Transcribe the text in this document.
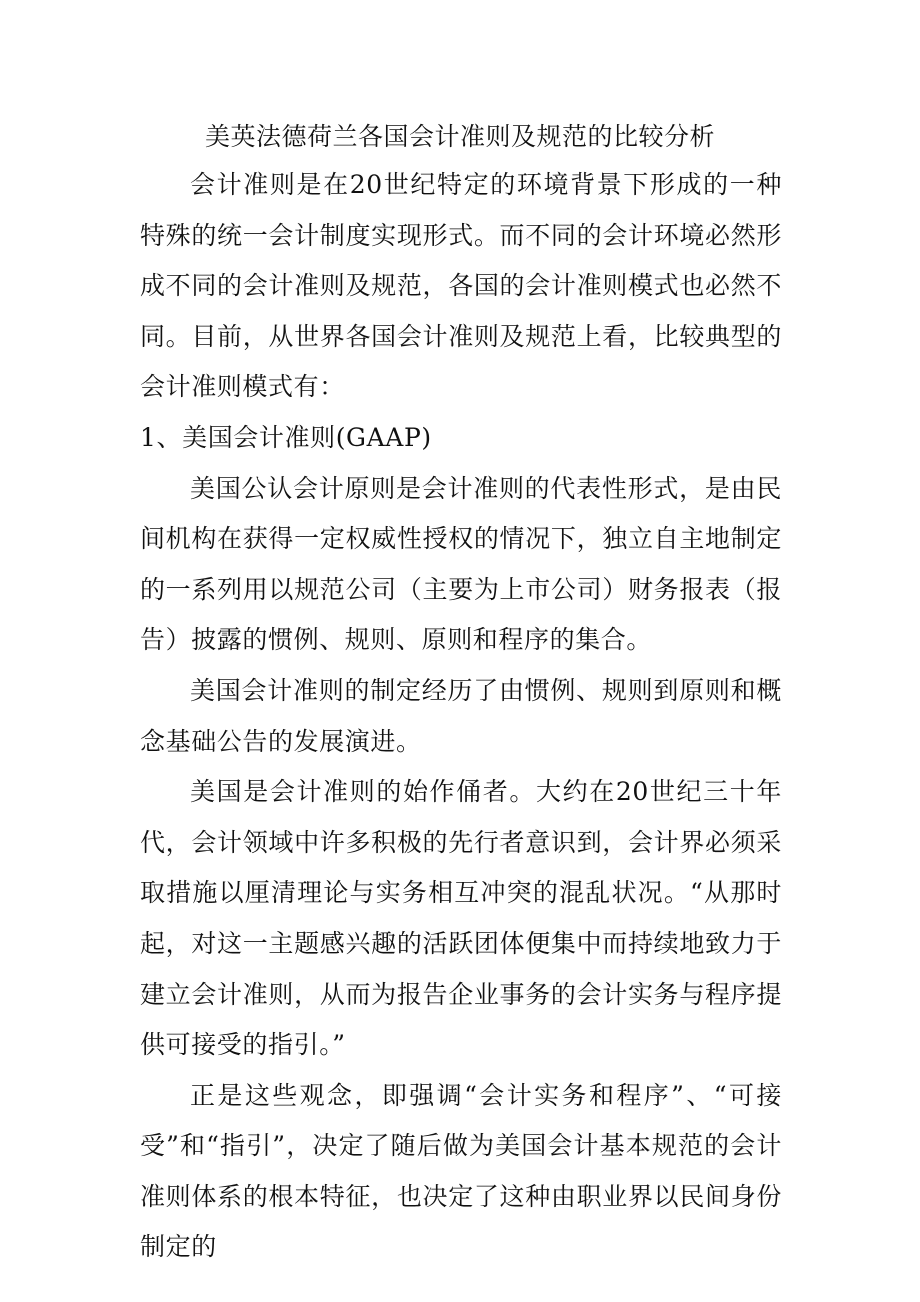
美英法德荷兰各国会计准则及规范的比较分析

会计准则是在20世纪特定的环境背景下形成的一种特殊的统一会计制度实现形式。而不同的会计环境必然形成不同的会计准则及规范，各国的会计准则模式也必然不同。目前，从世界各国会计准则及规范上看，比较典型的会计准则模式有：

1、美国会计准则(GAAP)

美国公认会计原则是会计准则的代表性形式，是由民间机构在获得一定权威性授权的情况下，独立自主地制定的一系列用以规范公司（主要为上市公司）财务报表（报告）披露的惯例、规则、原则和程序的集合。

美国会计准则的制定经历了由惯例、规则到原则和概念基础公告的发展演进。

美国是会计准则的始作俑者。大约在20世纪三十年代，会计领域中许多积极的先行者意识到，会计界必须采取措施以厘清理论与实务相互冲突的混乱状况。“从那时起，对这一主题感兴趣的活跃团体便集中而持续地致力于建立会计准则，从而为报告企业事务的会计实务与程序提供可接受的指引。”

正是这些观念，即强调“会计实务和程序”、“可接受”和“指引”，决定了随后做为美国会计基本规范的会计准则体系的根本特征，也决定了这种由职业界以民间身份制定的
